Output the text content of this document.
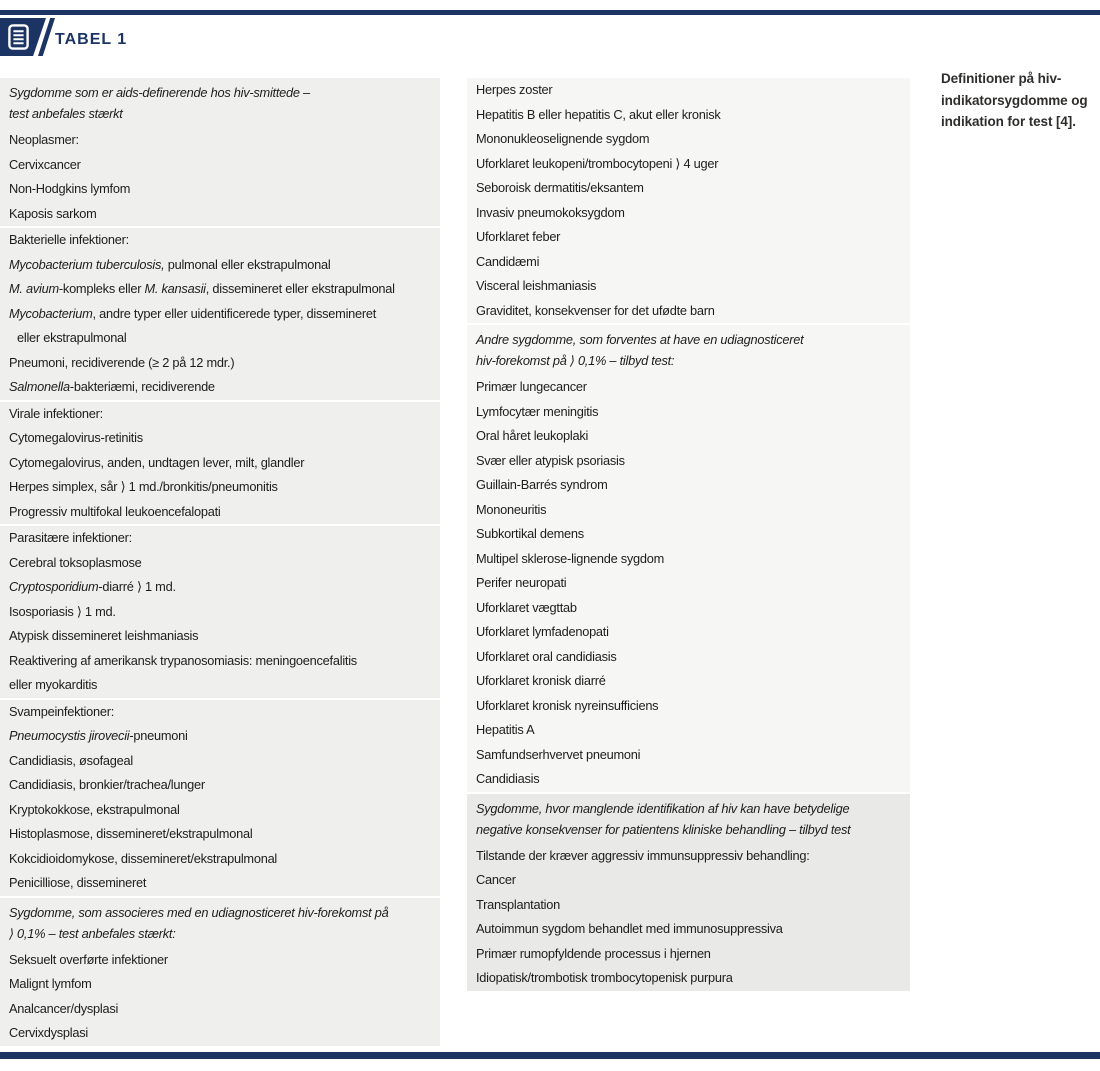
TABEL 1
Sygdomme som er aids-definerende hos hiv-smittede –
test anbefales stærkt
Neoplasmer:
Cervixcancer
Non-Hodgkins lymfom
Kaposis sarkom
Bakterielle infektioner:
Mycobacterium tuberculosis, pulmonal eller ekstrapulmonal
M. avium-kompleks eller M. kansasii, dissemineret eller ekstrapulmonal
Mycobacterium, andre typer eller uidentificerede typer, dissemineret
eller ekstrapulmonal
Pneumoni, recidiverende (≥ 2 på 12 mdr.)
Salmonella-bakteriæmi, recidiverende
Virale infektioner:
Cytomegalovirus-retinitis
Cytomegalovirus, anden, undtagen lever, milt, glandler
Herpes simplex, sår ⟩ 1 md./bronkitis/pneumonitis
Progressiv multifokal leukoencefalopati
Parasitære infektioner:
Cerebral toksoplasmose
Cryptosporidium-diarré ⟩ 1 md.
Isosporiasis ⟩ 1 md.
Atypisk dissemineret leishmaniasis
Reaktivering af amerikansk trypanosomiasis: meningoencefalitis
eller myokarditis
Svampeinfektioner:
Pneumocystis jirovecii-pneumoni
Candidiasis, øsofageal
Candidiasis, bronkier/trachea/lunger
Kryptokokkose, ekstrapulmonal
Histoplasmose, dissemineret/ekstrapulmonal
Kokcidioidomykose, dissemineret/ekstrapulmonal
Penicilliose, dissemineret
Sygdomme, som associeres med en udiagnosticeret hiv-forekomst på
⟩ 0,1% – test anbefales stærkt:
Seksuelt overførte infektioner
Malignt lymfom
Analcancer/dysplasi
Cervixdysplasi
Herpes zoster
Hepatitis B eller hepatitis C, akut eller kronisk
Mononukleoselignende sygdom
Uforklaret leukopeni/trombocytopeni ⟩ 4 uger
Seboroisk dermatitis/eksantem
Invasiv pneumokoksygdom
Uforklaret feber
Candidæmi
Visceral leishmaniasis
Graviditet, konsekvenser for det ufødte barn
Andre sygdomme, som forventes at have en udiagnosticeret
hiv-forekomst på ⟩ 0,1% – tilbyd test:
Primær lungecancer
Lymfocytær meningitis
Oral håret leukoplaki
Svær eller atypisk psoriasis
Guillain-Barrés syndrom
Mononeuritis
Subkortikal demens
Multipel sklerose-lignende sygdom
Perifer neuropati
Uforklaret vægttab
Uforklaret lymfadenopati
Uforklaret oral candidiasis
Uforklaret kronisk diarré
Uforklaret kronisk nyreinsufficiens
Hepatitis A
Samfundserhvervet pneumoni
Candidiasis
Sygdomme, hvor manglende identifikation af hiv kan have betydelige
negative konsekvenser for patientens kliniske behandling – tilbyd test
Tilstande der kræver aggressiv immunsuppressiv behandling:
Cancer
Transplantation
Autoimmun sygdom behandlet med immunosuppressiva
Primær rumopfyldende processus i hjernen
Idiopatisk/trombotisk trombocytopenisk purpura
Definitioner på hiv-indikatorsygdomme og indikation for test [4].
